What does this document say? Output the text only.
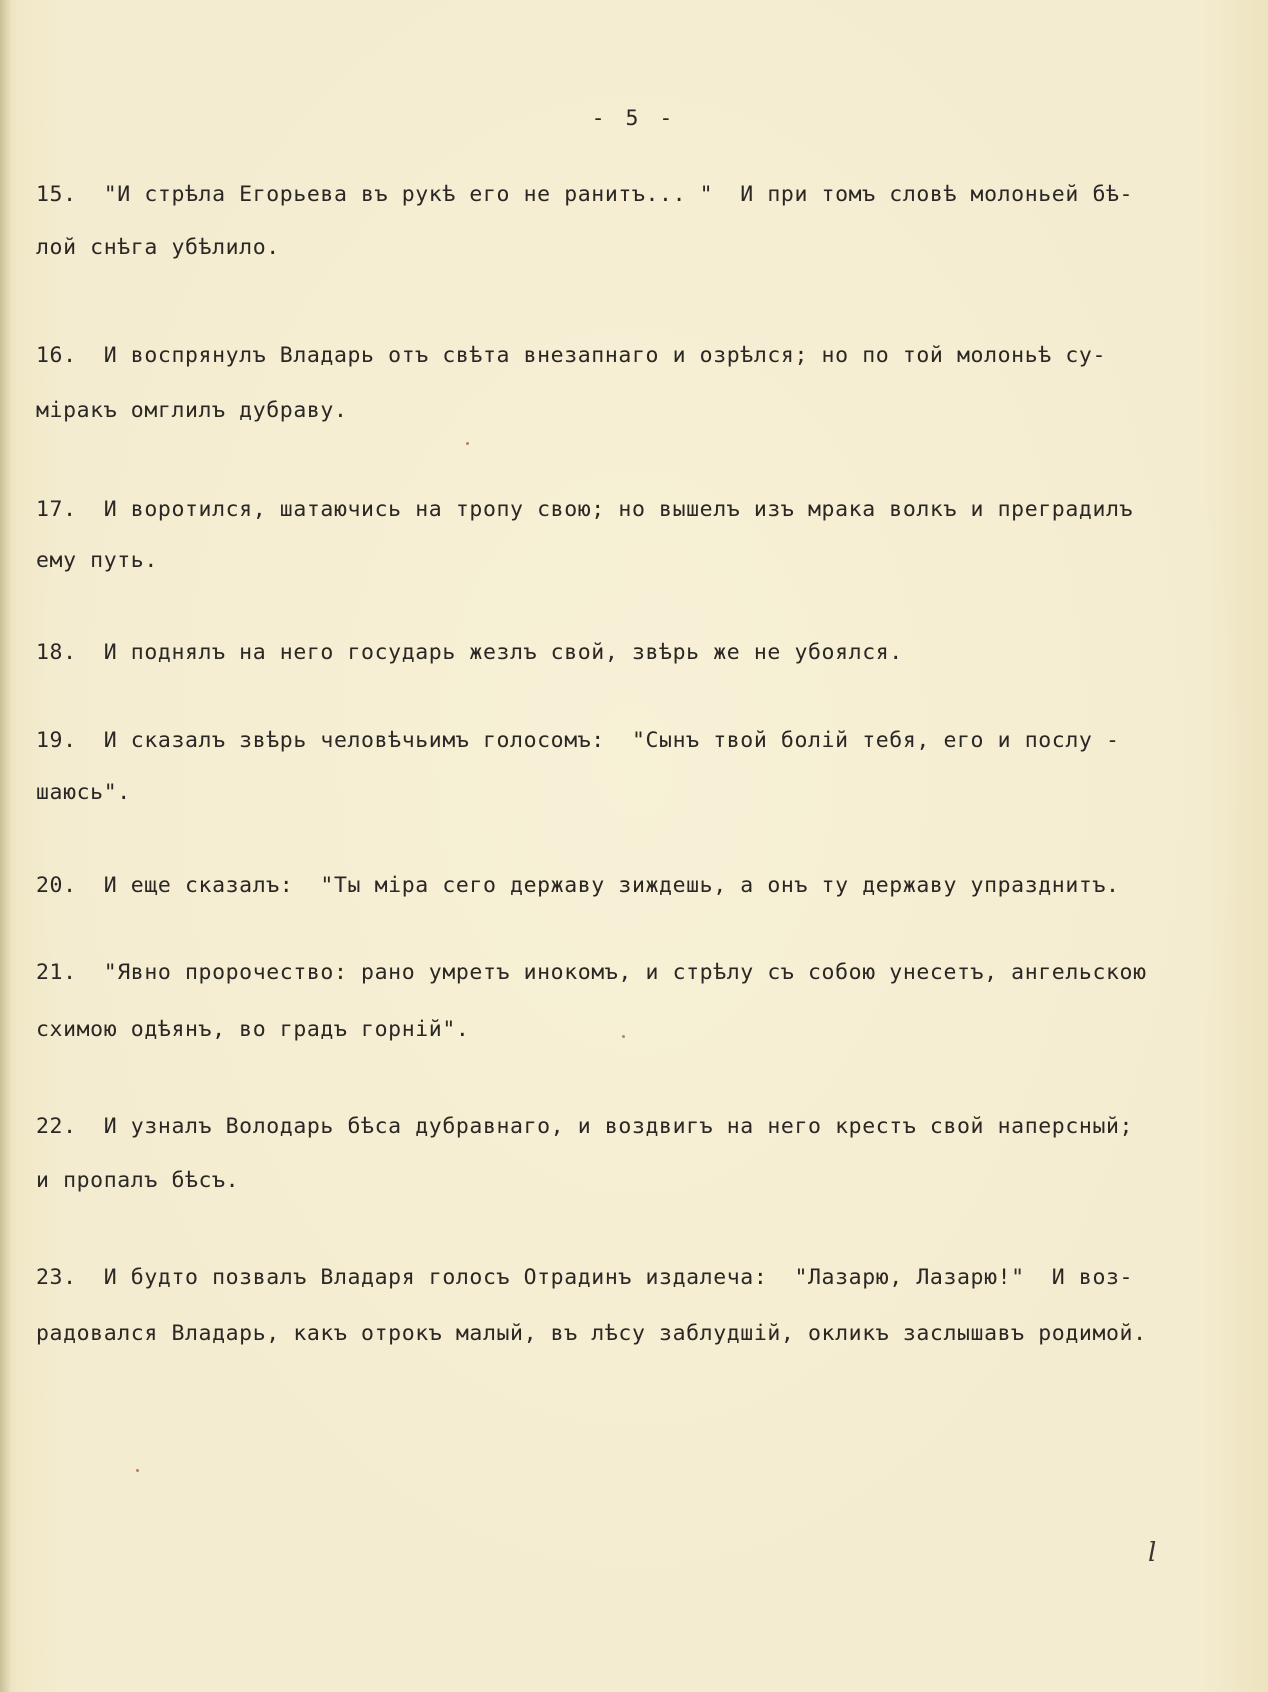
- 5 -

15.  "И стрѣла Егорьева въ рукѣ его не ранитъ... "  И при томъ словѣ молоньей бѣ-

лой снѣга убѣлило.

16.  И воспрянулъ Владарь отъ свѣта внезапнаго и озрѣлся; но по той молоньѣ су-

міракъ омглилъ дубраву.

17.  И воротился, шатаючись на тропу свою; но вышелъ изъ мрака волкъ и преградилъ

ему путь.

18.  И поднялъ на него государь жезлъ свой, звѣрь же не убоялся.

19.  И сказалъ звѣрь человѣчьимъ голосомъ:  "Сынъ твой болій тебя, его и послу -

шаюсь".

20.  И еще сказалъ:  "Ты міра сего державу зиждешь, а онъ ту державу упразднитъ.

21.  "Явно пророчество: рано умретъ инокомъ, и стрѣлу съ собою унесетъ, ангельскою

схимою одѣянъ, во градъ горній".

22.  И узналъ Володарь бѣса дубравнаго, и воздвигъ на него крестъ свой наперсный;

и пропалъ бѣсъ.

23.  И будто позвалъ Владаря голосъ Отрадинъ издалеча:  "Лазарю, Лазарю!"  И воз-

радовался Владарь, какъ отрокъ малый, въ лѣсу заблудшій, окликъ заслышавъ родимой.

l
